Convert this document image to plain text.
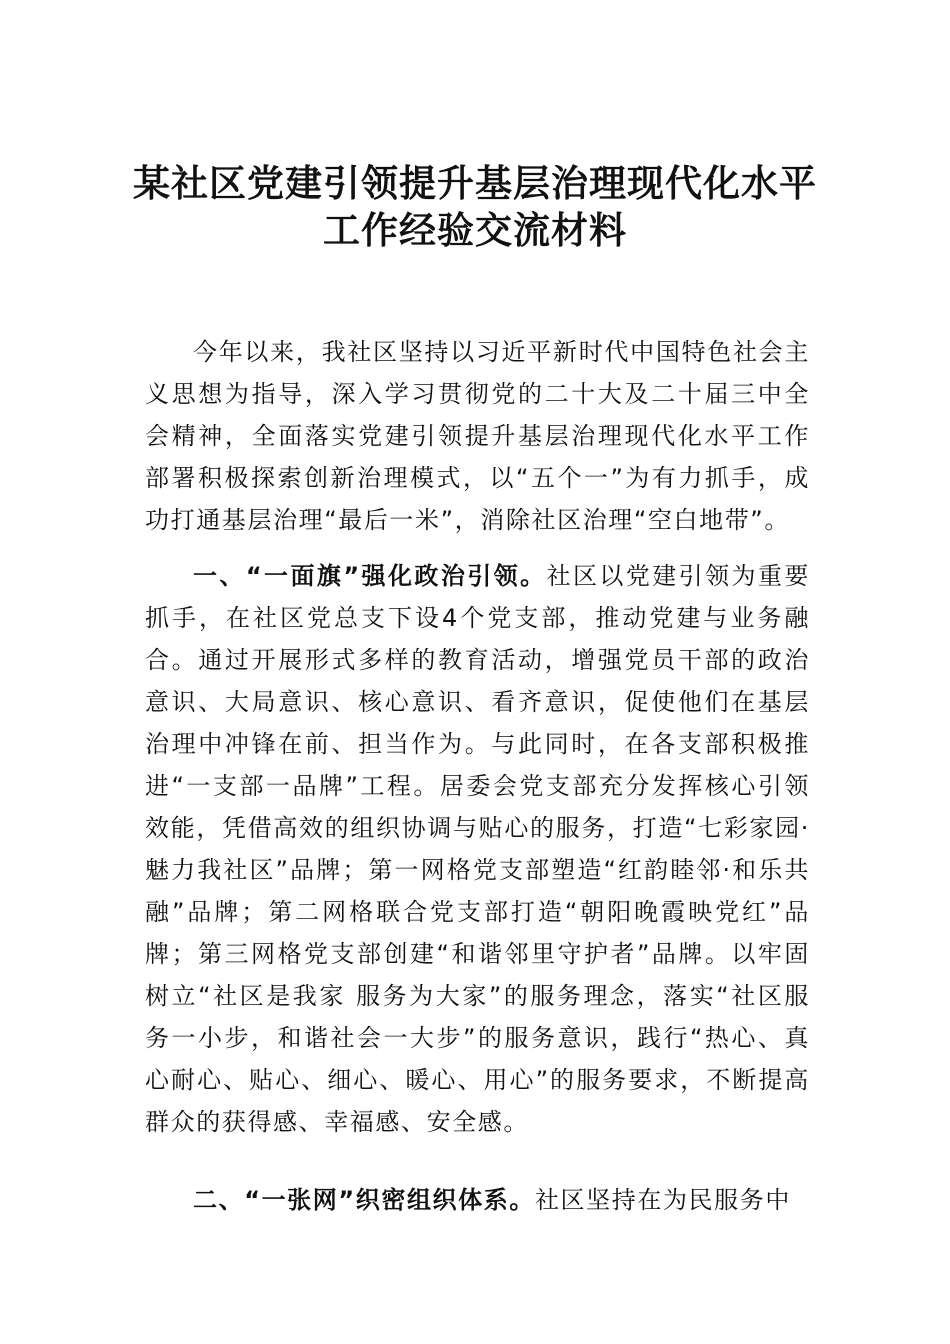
某社区党建引领提升基层治理现代化水平
工作经验交流材料

今年以来，我社区坚持以习近平新时代中国特色社会主义思想为指导，深入学习贯彻党的二十大及二十届三中全会精神，全面落实党建引领提升基层治理现代化水平工作部署积极探索创新治理模式，以“五个一”为有力抓手，成功打通基层治理“最后一米”，消除社区治理“空白地带”。

一、“一面旗”强化政治引领。社区以党建引领为重要抓手，在社区党总支下设4个党支部，推动党建与业务融合。通过开展形式多样的教育活动，增强党员干部的政治意识、大局意识、核心意识、看齐意识，促使他们在基层治理中冲锋在前、担当作为。与此同时，在各支部积极推进“一支部一品牌”工程。居委会党支部充分发挥核心引领效能，凭借高效的组织协调与贴心的服务，打造“七彩家园·魅力我社区”品牌；第一网格党支部塑造“红韵睦邻·和乐共融”品牌；第二网格联合党支部打造“朝阳晚霞映党红”品牌；第三网格党支部创建“和谐邻里守护者”品牌。以牢固树立“社区是我家 服务为大家”的服务理念，落实“社区服务一小步，和谐社会一大步”的服务意识，践行“热心、真心耐心、贴心、细心、暖心、用心”的服务要求，不断提高群众的获得感、幸福感、安全感。

二、“一张网”织密组织体系。社区坚持在为民服务中
